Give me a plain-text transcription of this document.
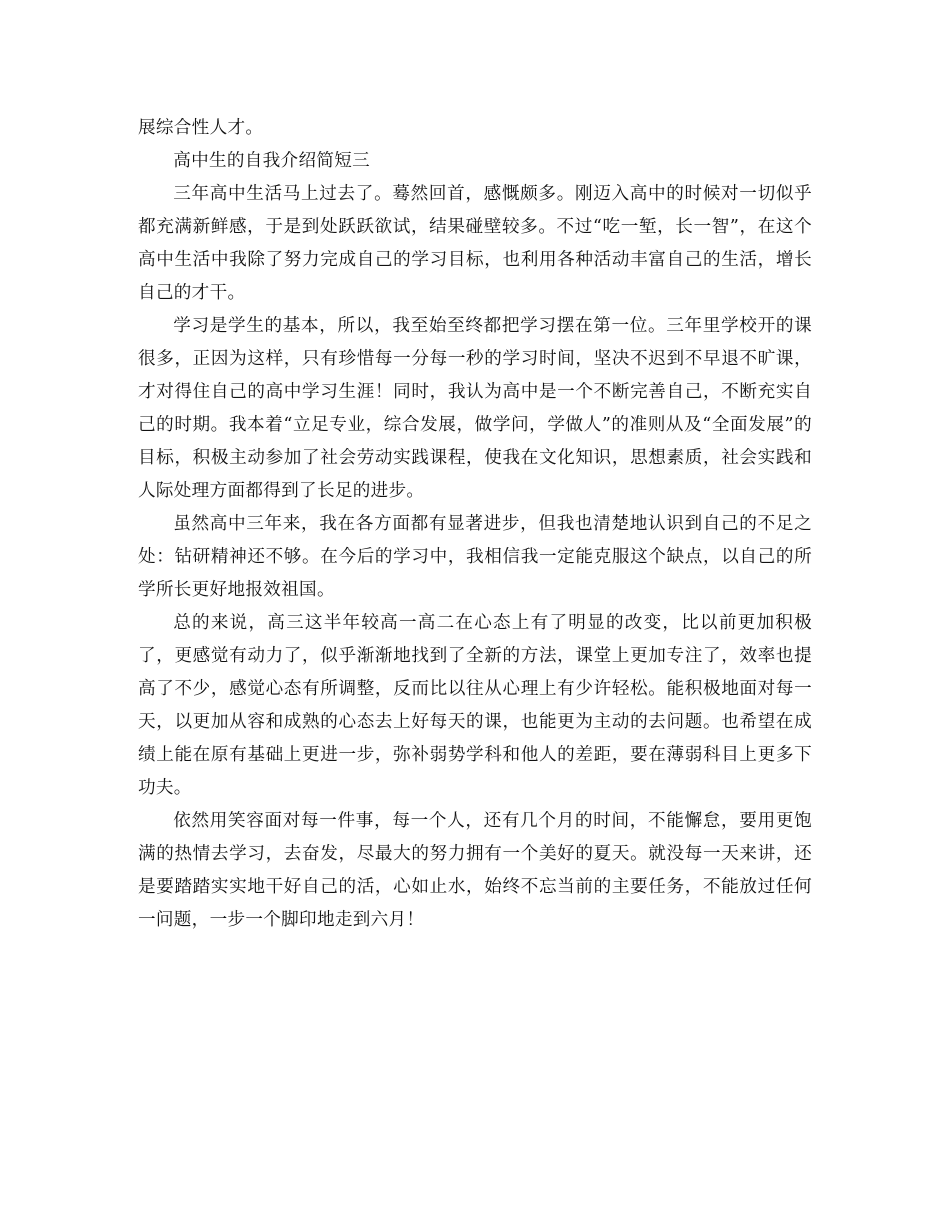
展综合性人才。

高中生的自我介绍简短三

三年高中生活马上过去了。蓦然回首，感慨颇多。刚迈入高中的时候对一切似乎都充满新鲜感，于是到处跃跃欲试，结果碰壁较多。不过“吃一堑，长一智”，在这个高中生活中我除了努力完成自己的学习目标，也利用各种活动丰富自己的生活，增长自己的才干。

学习是学生的基本，所以，我至始至终都把学习摆在第一位。三年里学校开的课很多，正因为这样，只有珍惜每一分每一秒的学习时间，坚决不迟到不早退不旷课，才对得住自己的高中学习生涯！同时，我认为高中是一个不断完善自己，不断充实自己的时期。我本着“立足专业，综合发展，做学问，学做人”的准则从及“全面发展”的目标，积极主动参加了社会劳动实践课程，使我在文化知识，思想素质，社会实践和人际处理方面都得到了长足的进步。

虽然高中三年来，我在各方面都有显著进步，但我也清楚地认识到自己的不足之处：钻研精神还不够。在今后的学习中，我相信我一定能克服这个缺点，以自己的所学所长更好地报效祖国。

总的来说，高三这半年较高一高二在心态上有了明显的改变，比以前更加积极了，更感觉有动力了，似乎渐渐地找到了全新的方法，课堂上更加专注了，效率也提高了不少，感觉心态有所调整，反而比以往从心理上有少许轻松。能积极地面对每一天，以更加从容和成熟的心态去上好每天的课，也能更为主动的去问题。也希望在成绩上能在原有基础上更进一步，弥补弱势学科和他人的差距，要在薄弱科目上更多下功夫。

依然用笑容面对每一件事，每一个人，还有几个月的时间，不能懈怠，要用更饱满的热情去学习，去奋发，尽最大的努力拥有一个美好的夏天。就没每一天来讲，还是要踏踏实实地干好自己的活，心如止水，始终不忘当前的主要任务，不能放过任何一问题，一步一个脚印地走到六月！
